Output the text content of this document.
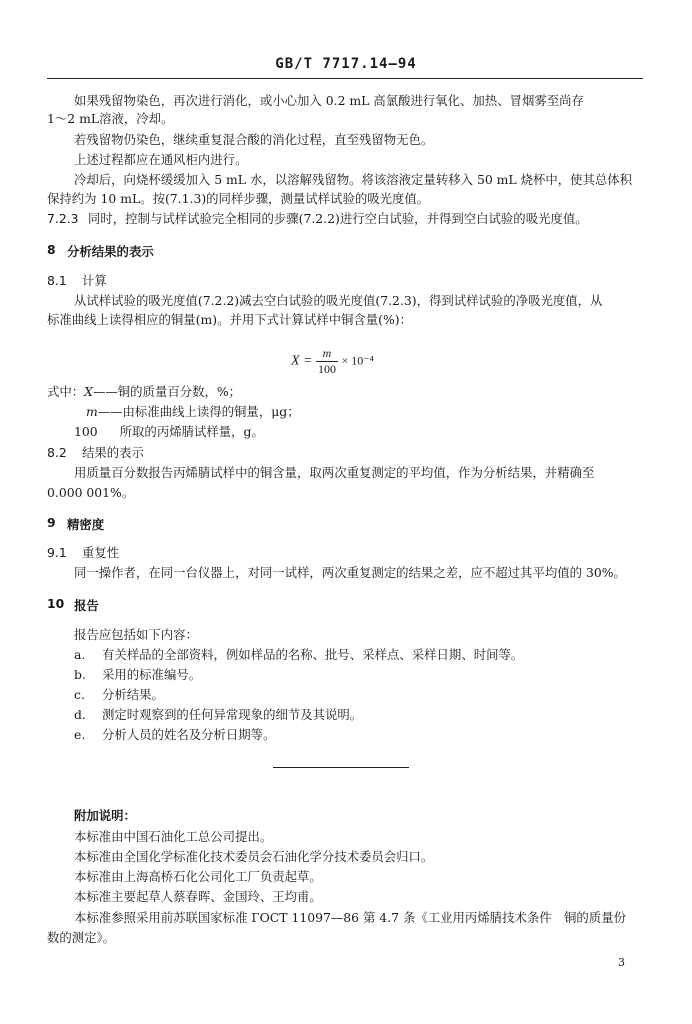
GB/T 7717.14—94
如果残留物染色，再次进行消化，或小心加入 0.2 mL 高氯酸进行氧化、加热、冒烟雾至尚存
1～2 mL溶液，冷却。
若残留物仍染色，继续重复混合酸的消化过程，直至残留物无色。
上述过程都应在通风柜内进行。
冷却后，向烧杯缓缓加入 5 mL 水，以溶解残留物。将该溶液定量转移入 50 mL 烧杯中，使其总体积
保持约为 10 mL。按(7.1.3)的同样步骤，测量试样试验的吸光度值。
7.2.3 同时，控制与试样试验完全相同的步骤(7.2.2)进行空白试验，并得到空白试验的吸光度值。
8 分析结果的表示
8.1 计算
从试样试验的吸光度值(7.2.2)减去空白试验的吸光度值(7.2.3)，得到试样试验的净吸光度值，从
标准曲线上读得相应的铜量(m)。并用下式计算试样中铜含量(%)：
$X = \frac{m}{100} \times 10^{-4}$
式中：X——铜的质量百分数，%；
m——由标准曲线上读得的铜量，μg；
100 所取的丙烯腈试样量，g。
8.2 结果的表示
用质量百分数报告丙烯腈试样中的铜含量，取两次重复测定的平均值，作为分析结果，并精确至
0.000 001%。
9 精密度
9.1 重复性
同一操作者，在同一台仪器上，对同一试样，两次重复测定的结果之差，应不超过其平均值的 30%。
10 报告
报告应包括如下内容：
a. 有关样品的全部资料，例如样品的名称、批号、采样点、采样日期、时间等。
b. 采用的标准编号。
c. 分析结果。
d. 测定时观察到的任何异常现象的细节及其说明。
e. 分析人员的姓名及分析日期等。
附加说明：
本标准由中国石油化工总公司提出。
本标准由全国化学标准化技术委员会石油化学分技术委员会归口。
本标准由上海高桥石化公司化工厂负责起草。
本标准主要起草人蔡春晖、金国玲、王均甫。
本标准参照采用前苏联国家标准 ГОСТ 11097—86 第 4.7 条《工业用丙烯腈技术条件　铜的质量份
数的测定》。
3
